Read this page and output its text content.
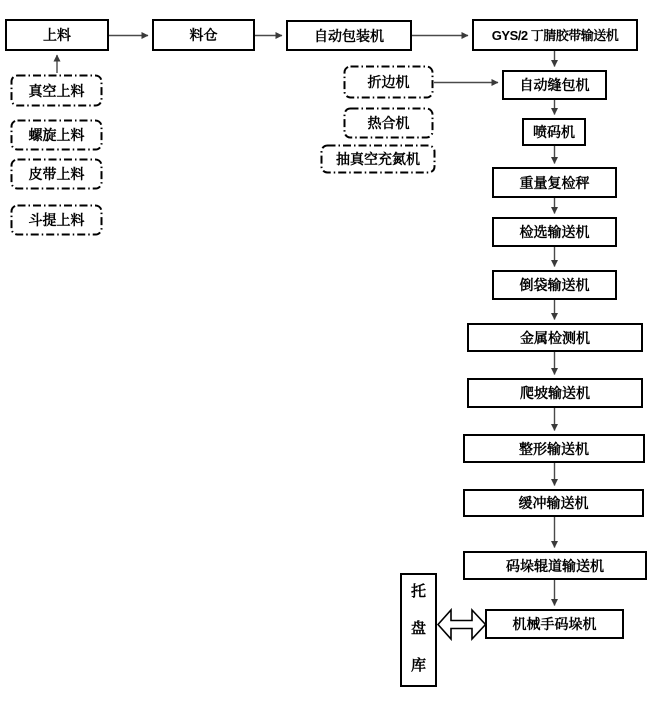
上料	料仓	自动包装机	GYS/2 丁腈胶带输送机
自动缝包机
喷码机
重量复检秤
检选输送机
倒袋输送机
金属检测机
爬坡输送机
整形输送机
缓冲输送机
码垛辊道输送机
机械手码垛机
托
盘
库
真空上料
螺旋上料
皮带上料
斗提上料
折边机
热合机
抽真空充氮机
